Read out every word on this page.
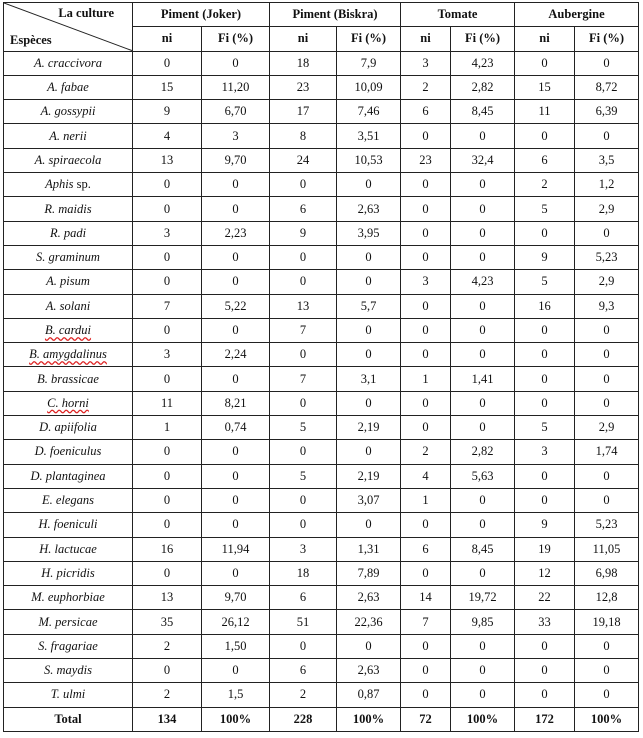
La culture
Espèces	Piment (Joker)		Piment (Biskra)		Tomate		Aubergine	
	ni	Fi (%)	ni	Fi (%)	ni	Fi (%)	ni	Fi (%)
A. craccivora	0	0	18	7,9	3	4,23	0	0
A. fabae	15	11,20	23	10,09	2	2,82	15	8,72
A. gossypii	9	6,70	17	7,46	6	8,45	11	6,39
A. nerii	4	3	8	3,51	0	0	0	0
A. spiraecola	13	9,70	24	10,53	23	32,4	6	3,5
Aphis sp.	0	0	0	0	0	0	2	1,2
R. maidis	0	0	6	2,63	0	0	5	2,9
R. padi	3	2,23	9	3,95	0	0	0	0
S. graminum	0	0	0	0	0	0	9	5,23
A. pisum	0	0	0	0	3	4,23	5	2,9
A. solani	7	5,22	13	5,7	0	0	16	9,3
B. cardui	0	0	7	0	0	0	0	0
B. amygdalinus	3	2,24	0	0	0	0	0	0
B. brassicae	0	0	7	3,1	1	1,41	0	0
C. horni	11	8,21	0	0	0	0	0	0
D. apiifolia	1	0,74	5	2,19	0	0	5	2,9
D. foeniculus	0	0	0	0	2	2,82	3	1,74
D. plantaginea	0	0	5	2,19	4	5,63	0	0
E. elegans	0	0	0	3,07	1	0	0	0
H. foeniculi	0	0	0	0	0	0	9	5,23
H. lactucae	16	11,94	3	1,31	6	8,45	19	11,05
H. picridis	0	0	18	7,89	0	0	12	6,98
M. euphorbiae	13	9,70	6	2,63	14	19,72	22	12,8
M. persicae	35	26,12	51	22,36	7	9,85	33	19,18
S. fragariae	2	1,50	0	0	0	0	0	0
S. maydis	0	0	6	2,63	0	0	0	0
T. ulmi	2	1,5	2	0,87	0	0	0	0
Total	134	100%	228	100%	72	100%	172	100%
